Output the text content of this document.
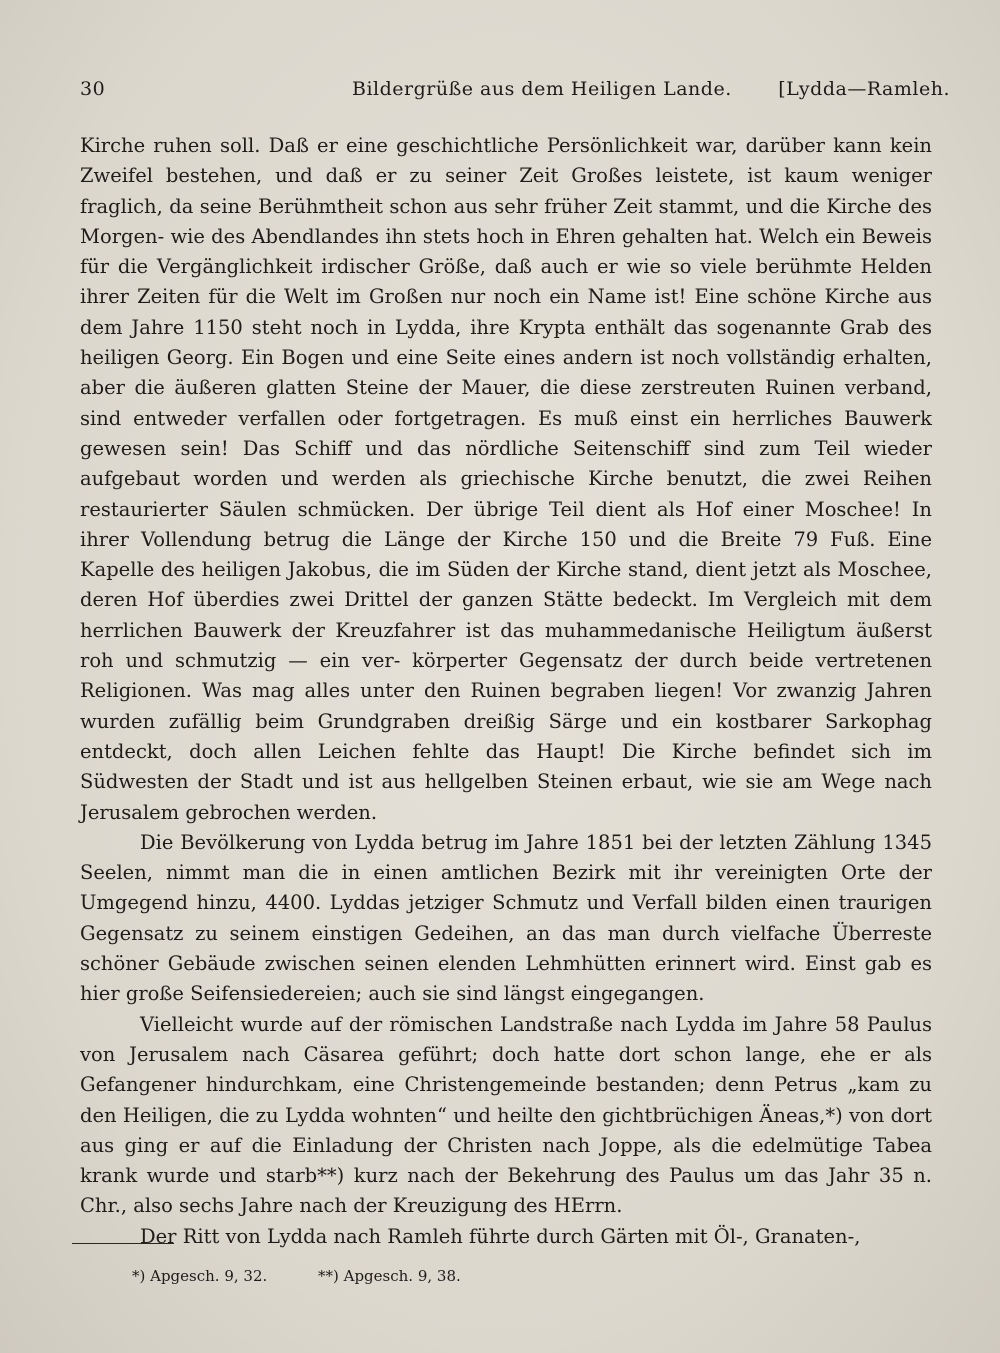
30	Bildergrüße aus dem Heiligen Lande. [Lydda—Ramleh.

Kirche ruhen soll. Daß er eine geschichtliche Persönlichkeit war, darüber kann kein Zweifel bestehen, und daß er zu seiner Zeit Großes leistete, ist kaum weniger fraglich, da seine Berühmtheit schon aus sehr früher Zeit stammt, und die Kirche des Morgen- wie des Abendlandes ihn stets hoch in Ehren gehalten hat. Welch ein Beweis für die Vergänglichkeit irdischer Größe, daß auch er wie so viele berühmte Helden ihrer Zeiten für die Welt im Großen nur noch ein Name ist! Eine schöne Kirche aus dem Jahre 1150 steht noch in Lydda, ihre Krypta enthält das sogenannte Grab des heiligen Georg. Ein Bogen und eine Seite eines andern ist noch vollständig erhalten, aber die äußeren glatten Steine der Mauer, die diese zerstreuten Ruinen verband, sind entweder verfallen oder fortgetragen. Es muß einst ein herrliches Bauwerk gewesen sein! Das Schiff und das nördliche Seitenschiff sind zum Teil wieder aufgebaut worden und werden als griechische Kirche benutzt, die zwei Reihen restaurierter Säulen schmücken. Der übrige Teil dient als Hof einer Moschee! In ihrer Vollendung betrug die Länge der Kirche 150 und die Breite 79 Fuß. Eine Kapelle des heiligen Jakobus, die im Süden der Kirche stand, dient jetzt als Moschee, deren Hof überdies zwei Drittel der ganzen Stätte bedeckt. Im Vergleich mit dem herrlichen Bauwerk der Kreuzfahrer ist das muhammedanische Heiligtum äußerst roh und schmutzig — ein ver- körperter Gegensatz der durch beide vertretenen Religionen. Was mag alles unter den Ruinen begraben liegen! Vor zwanzig Jahren wurden zufällig beim Grundgraben dreißig Särge und ein kostbarer Sarkophag entdeckt, doch allen Leichen fehlte das Haupt! Die Kirche befindet sich im Südwesten der Stadt und ist aus hellgelben Steinen erbaut, wie sie am Wege nach Jerusalem gebrochen werden.

Die Bevölkerung von Lydda betrug im Jahre 1851 bei der letzten Zählung 1345 Seelen, nimmt man die in einen amtlichen Bezirk mit ihr vereinigten Orte der Umgegend hinzu, 4400. Lyddas jetziger Schmutz und Verfall bilden einen traurigen Gegensatz zu seinem einstigen Gedeihen, an das man durch vielfache Überreste schöner Gebäude zwischen seinen elenden Lehmhütten erinnert wird. Einst gab es hier große Seifensiedereien; auch sie sind längst eingegangen.

Vielleicht wurde auf der römischen Landstraße nach Lydda im Jahre 58 Paulus von Jerusalem nach Cäsarea geführt; doch hatte dort schon lange, ehe er als Gefangener hindurchkam, eine Christengemeinde bestanden; denn Petrus „kam zu den Heiligen, die zu Lydda wohnten“ und heilte den gichtbrüchigen Äneas,*) von dort aus ging er auf die Einladung der Christen nach Joppe, als die edelmütige Tabea krank wurde und starb**) kurz nach der Bekehrung des Paulus um das Jahr 35 n. Chr., also sechs Jahre nach der Kreuzigung des HErrn.

Der Ritt von Lydda nach Ramleh führte durch Gärten mit Öl-, Granaten-,

*) Apgesch. 9, 32.	**) Apgesch. 9, 38.
